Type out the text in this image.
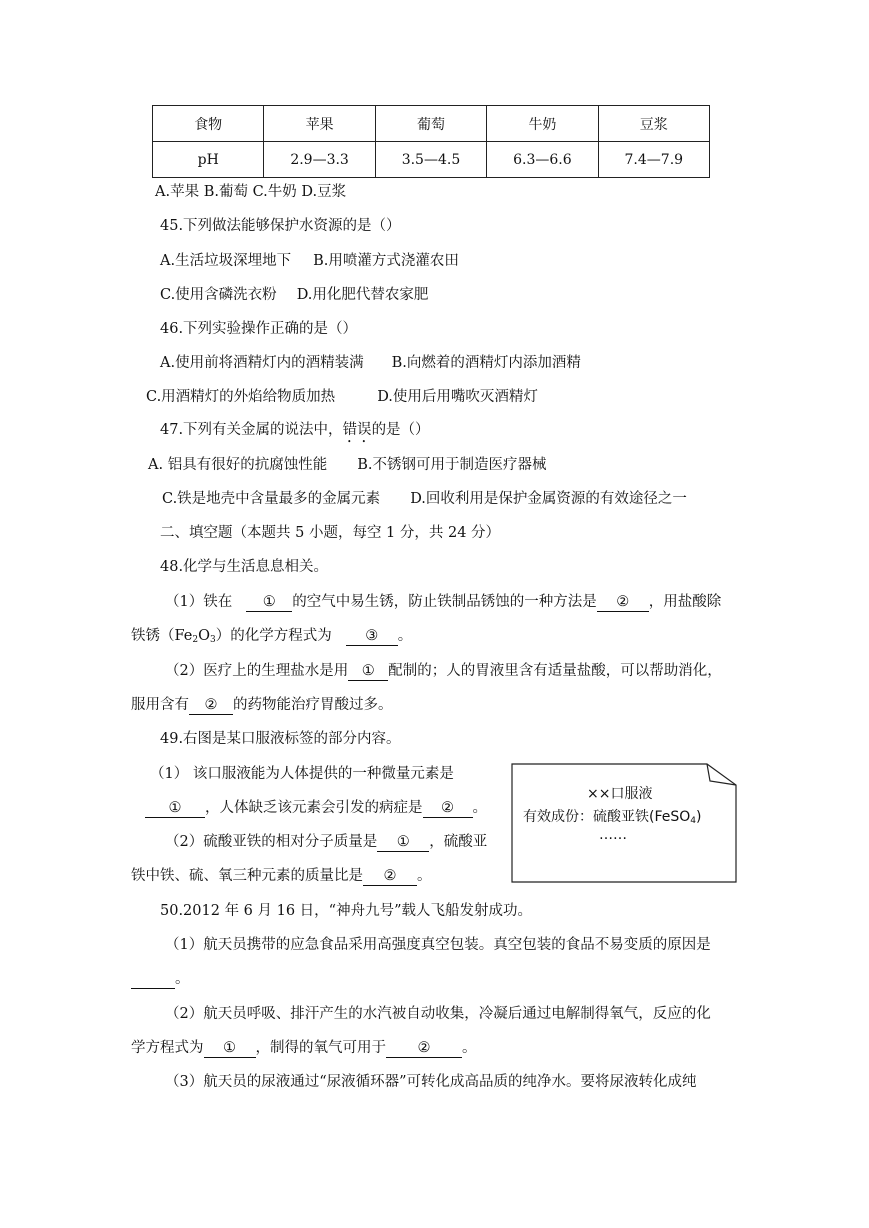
食物	苹果	葡萄	牛奶	豆浆
pH	2.9—3.3	3.5—4.5	6.3—6.6	7.4—7.9
A.苹果 B.葡萄 C.牛奶 D.豆浆
45.下列做法能够保护水资源的是（）
A.生活垃圾深埋地下 B.用喷灌方式浇灌农田
C.使用含磷洗衣粉 D.用化肥代替农家肥
46.下列实验操作正确的是（）
A.使用前将酒精灯内的酒精装满 B.向燃着的酒精灯内添加酒精
C.用酒精灯的外焰给物质加热	D.使用后用嘴吹灭酒精灯
47.下列有关金属的说法中，错误的是（）
A. 铝具有很好的抗腐蚀性能 B.不锈钢可用于制造医疗器械
C.铁是地壳中含量最多的金属元素 D.回收利用是保护金属资源的有效途径之一
二、填空题（本题共 5 小题，每空 1 分，共 24 分）
48.化学与生活息息相关。
（1）铁在 ① 的空气中易生锈，防止铁制品锈蚀的一种方法是 ② ，用盐酸除
铁锈$(Fe_2O_3)$的化学方程式为 ③ 。
（2）医疗上的生理盐水是用 ① 配制的；人的胃液里含有适量盐酸，可以帮助消化，
服用含有 ② 的药物能治疗胃酸过多。
49.右图是某口服液标签的部分内容。
（1） 该口服液能为人体提供的一种微量元素是
① ，人体缺乏该元素会引发的病症是 ② 。
（2）硫酸亚铁的相对分子质量是 ① ，硫酸亚
铁中铁、硫、氧三种元素的质量比是 ② 。
××口服液
有效成份：硫酸亚铁(FeSO$_4$)
……
50.2012 年 6 月 16 日，“神舟九号”载人飞船发射成功。
（1）航天员携带的应急食品采用高强度真空包装。真空包装的食品不易变质的原因是
。
（2）航天员呼吸、排汗产生的水汽被自动收集，冷凝后通过电解制得氧气，反应的化
学方程式为 ① ，制得的氧气可用于 ② 。
（3）航天员的尿液通过“尿液循环器”可转化成高品质的纯净水。要将尿液转化成纯
